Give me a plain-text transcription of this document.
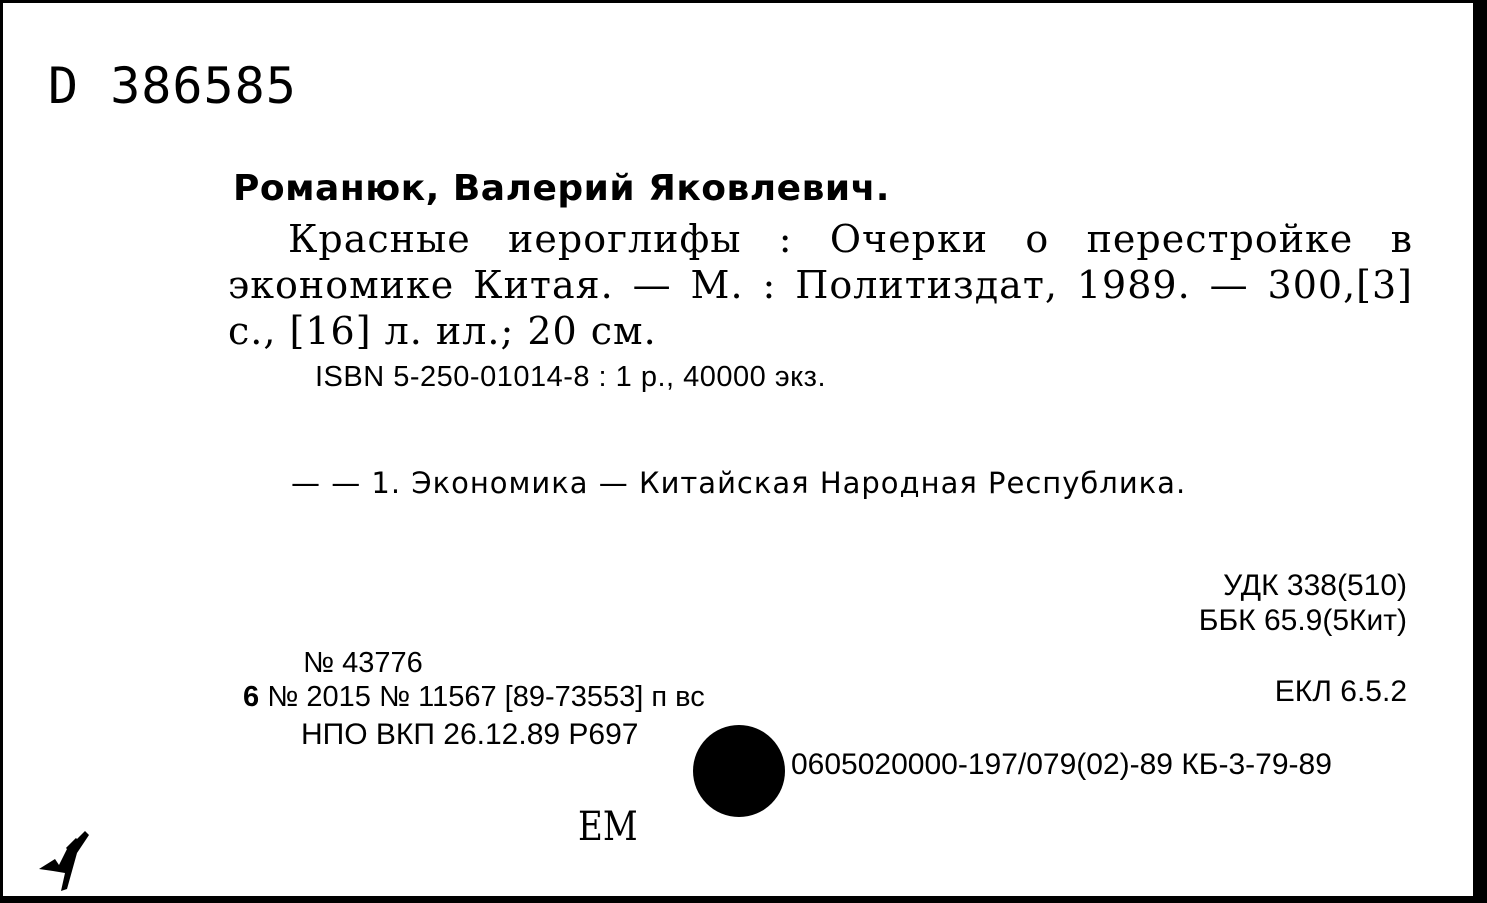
D 386585
Романюк, Валерий Яковлевич.
Красные иероглифы : Очерки о перестройке в экономике Китая. — М. : Политиздат, 1989. — 300,[3] с., [16] л. ил.; 20 см.
ISBN 5-250-01014-8 : 1 р., 40000 экз.
— — 1. Экономика — Китайская Народная Республика.
УДК 338(510)
ББК 65.9(5Кит)
№ 43776
6 № 2015 № 11567 [89-73553] п вс	ЕКЛ 6.5.2
НПО ВКП 26.12.89 Р697
0605020000-197/079(02)-89 КБ-3-79-89
ЕМ
